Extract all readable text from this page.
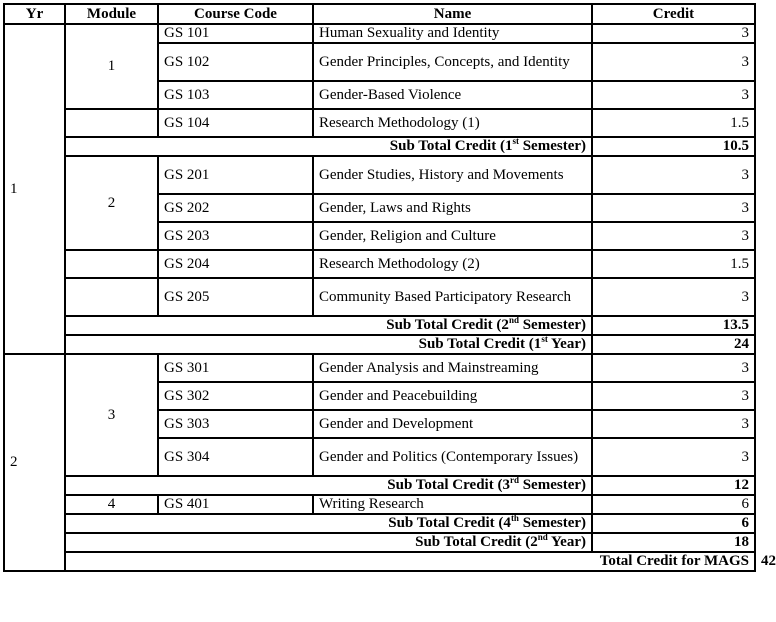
Yr	Module	Course Code	Name	Credit	
1	1	GS 101	Human Sexuality and Identity	3	
		GS 102	Gender Principles, Concepts, and Identity	3	
		GS 103	Gender-Based Violence	3	
		GS 104	Research Methodology (1)	1.5	
	Sub Total Credit (1st Semester)			10.5	
	2	GS 201	Gender Studies, History and Movements	3	
		GS 202	Gender, Laws and Rights	3	
		GS 203	Gender, Religion and Culture	3	
		GS 204	Research Methodology (2)	1.5	
		GS 205	Community Based Participatory Research	3	
	Sub Total Credit (2nd Semester)			13.5	
	Sub Total Credit (1st Year)			24	
2	3	GS 301	Gender Analysis and Mainstreaming	3	
		GS 302	Gender and Peacebuilding	3	
		GS 303	Gender and Development	3	
		GS 304	Gender and Politics (Contemporary Issues)	3	
	Sub Total Credit (3rd Semester)			12	
	4	GS 401	Writing Research	6	
	Sub Total Credit (4th Semester)			6	
	Sub Total Credit (2nd Year)			18	
	Total Credit for MAGS				42
